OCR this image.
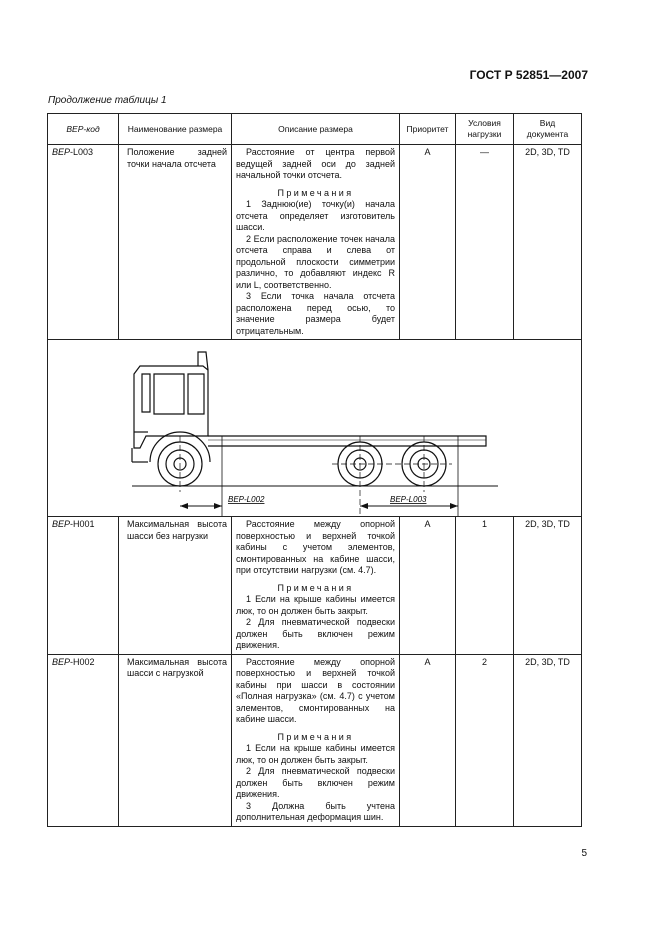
ГОСТ Р 52851—2007
Продолжение таблицы 1
ВЕР-код	Наименование размера	Описание размера	Приоритет	Условия нагрузки	Вид документа
ВЕР-L003	Положение задней точки начала отсчета	Расстояние от центра первой ведущей задней оси до задней начальной точки отсчета.

Примечания

1 Заднюю(ие) точку(и) начала отсчета определяет изготовитель шасси.

2 Если расположение точек начала отсчета справа и слева от продольной плоскости симметрии различно, то добавляют индекс R или L, соответственно.

3 Если точка начала отсчета расположена перед осью, то значение размера будет отрицательным.	A	—	2D, 3D, TD

BEP-L002 BEP-L003					

ВЕР-H001	Максимальная высота шасси без нагрузки	Расстояние между опорной поверхностью и верхней точкой кабины с учетом элементов, смонтированных на кабине шасси, при отсутствии нагрузки (см. 4.7).

Примечания

1 Если на крыше кабины имеется люк, то он должен быть закрыт.

2 Для пневматической подвески должен быть включен режим движения.	A	1	2D, 3D, TD
ВЕР-H002	Максимальная высота шасси с нагрузкой	Расстояние между опорной поверхностью и верхней точкой кабины при шасси в состоянии «Полная нагрузка» (см. 4.7) с учетом элементов, смонтированных на кабине шасси.

Примечания

1 Если на крыше кабины имеется люк, то он должен быть закрыт.

2 Для пневматической подвески должен быть включен режим движения.

3 Должна быть учтена дополнительная деформация шин.	A	2	2D, 3D, TD
5
